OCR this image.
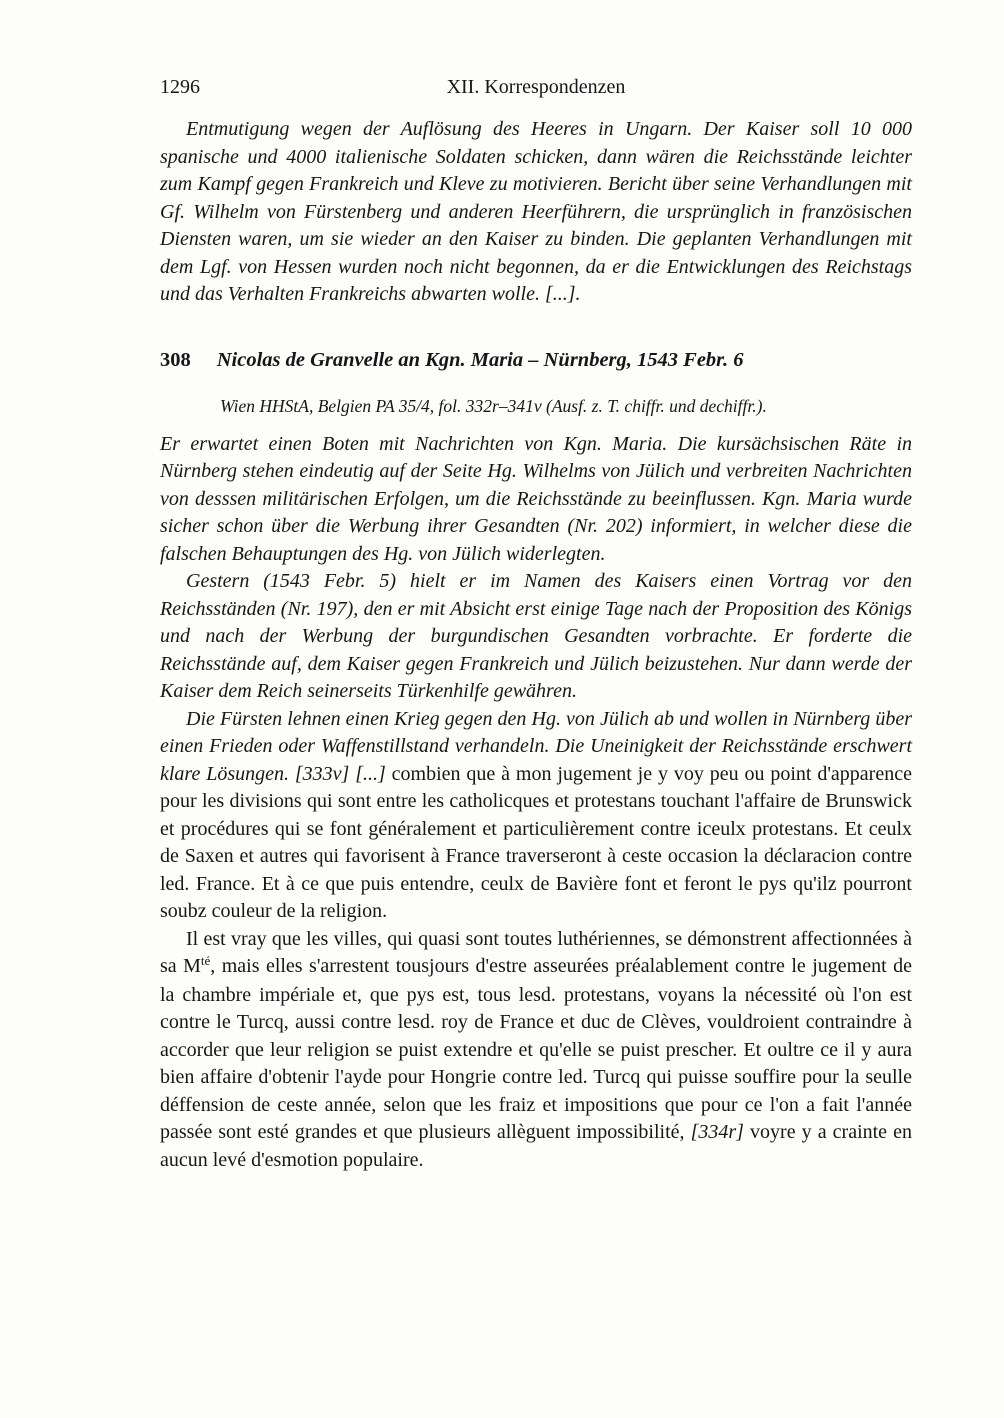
1296	XII. Korrespondenzen

Entmutigung wegen der Auflösung des Heeres in Ungarn. Der Kaiser soll 10 000 spanische und 4000 italienische Soldaten schicken, dann wären die Reichsstände leichter zum Kampf gegen Frankreich und Kleve zu motivieren. Bericht über seine Verhandlungen mit Gf. Wilhelm von Fürstenberg und anderen Heerführern, die ursprünglich in französischen Diensten waren, um sie wieder an den Kaiser zu binden. Die geplanten Verhandlungen mit dem Lgf. von Hessen wurden noch nicht begonnen, da er die Entwicklungen des Reichstags und das Verhalten Frankreichs abwarten wolle. [...].

308 Nicolas de Granvelle an Kgn. Maria – Nürnberg, 1543 Febr. 6

Wien HHStA, Belgien PA 35/4, fol. 332r–341v (Ausf. z. T. chiffr. und dechiffr.).

Er erwartet einen Boten mit Nachrichten von Kgn. Maria. Die kursächsischen Räte in Nürnberg stehen eindeutig auf der Seite Hg. Wilhelms von Jülich und verbreiten Nachrichten von desssen militärischen Erfolgen, um die Reichsstände zu beeinflussen. Kgn. Maria wurde sicher schon über die Werbung ihrer Gesandten (Nr. 202) informiert, in welcher diese die falschen Behauptungen des Hg. von Jülich widerlegten.

Gestern (1543 Febr. 5) hielt er im Namen des Kaisers einen Vortrag vor den Reichsständen (Nr. 197), den er mit Absicht erst einige Tage nach der Proposition des Königs und nach der Werbung der burgundischen Gesandten vorbrachte. Er forderte die Reichsstände auf, dem Kaiser gegen Frankreich und Jülich beizustehen. Nur dann werde der Kaiser dem Reich seinerseits Türkenhilfe gewähren.

Die Fürsten lehnen einen Krieg gegen den Hg. von Jülich ab und wollen in Nürnberg über einen Frieden oder Waffenstillstand verhandeln. Die Uneinigkeit der Reichsstände erschwert klare Lösungen. [333v] [...] combien que à mon jugement je y voy peu ou point d'apparence pour les divisions qui sont entre les catholicques et protestans touchant l'affaire de Brunswick et procédures qui se font généralement et particulièrement contre iceulx protestans. Et ceulx de Saxen et autres qui favorisent à France traverseront à ceste occasion la déclaracion contre led. France. Et à ce que puis entendre, ceulx de Bavière font et feront le pys qu'ilz pourront soubz couleur de la religion.

Il est vray que les villes, qui quasi sont toutes luthériennes, se démonstrent affectionnées à sa $M^{té}$, mais elles s'arrestent tousjours d'estre asseurées préalablement contre le jugement de la chambre impériale et, que pys est, tous lesd. protestans, voyans la nécessité où l'on est contre le Turcq, aussi contre lesd. roy de France et duc de Clèves, vouldroient contraindre à accorder que leur religion se puist extendre et qu'elle se puist prescher. Et oultre ce il y aura bien affaire d'obtenir l'ayde pour Hongrie contre led. Turcq qui puisse souffire pour la seulle déffension de ceste année, selon que les fraiz et impositions que pour ce l'on a fait l'année passée sont esté grandes et que plusieurs allèguent impossibilité, [334r] voyre y a crainte en aucun levé d'esmotion populaire.
